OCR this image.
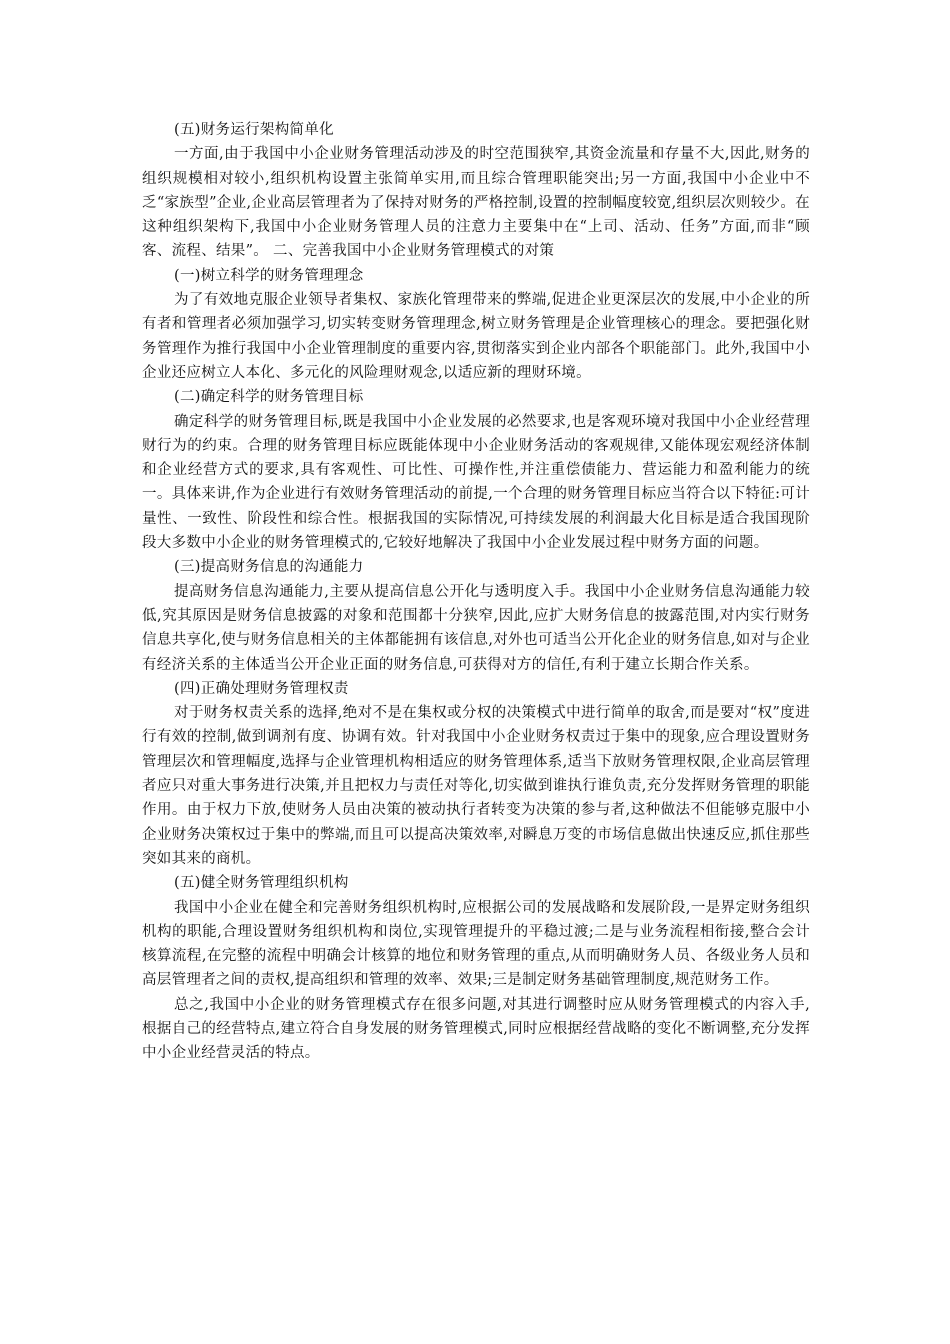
(五)财务运行架构简单化

一方面,由于我国中小企业财务管理活动涉及的时空范围狭窄,其资金流量和存量不大,因此,财务的组织规模相对较小,组织机构设置主张简单实用,而且综合管理职能突出;另一方面,我国中小企业中不乏“家族型”企业,企业高层管理者为了保持对财务的严格控制,设置的控制幅度较宽,组织层次则较少。在这种组织架构下,我国中小企业财务管理人员的注意力主要集中在“上司、活动、任务”方面,而非“顾客、流程、结果”。 二、完善我国中小企业财务管理模式的对策

(一)树立科学的财务管理理念

为了有效地克服企业领导者集权、家族化管理带来的弊端,促进企业更深层次的发展,中小企业的所有者和管理者必须加强学习,切实转变财务管理理念,树立财务管理是企业管理核心的理念。要把强化财务管理作为推行我国中小企业管理制度的重要内容,贯彻落实到企业内部各个职能部门。此外,我国中小企业还应树立人本化、多元化的风险理财观念,以适应新的理财环境。

(二)确定科学的财务管理目标

确定科学的财务管理目标,既是我国中小企业发展的必然要求,也是客观环境对我国中小企业经营理财行为的约束。合理的财务管理目标应既能体现中小企业财务活动的客观规律,又能体现宏观经济体制和企业经营方式的要求,具有客观性、可比性、可操作性,并注重偿债能力、营运能力和盈利能力的统一。具体来讲,作为企业进行有效财务管理活动的前提,一个合理的财务管理目标应当符合以下特征:可计量性、一致性、阶段性和综合性。根据我国的实际情况,可持续发展的利润最大化目标是适合我国现阶段大多数中小企业的财务管理模式的,它较好地解决了我国中小企业发展过程中财务方面的问题。

(三)提高财务信息的沟通能力

提高财务信息沟通能力,主要从提高信息公开化与透明度入手。我国中小企业财务信息沟通能力较低,究其原因是财务信息披露的对象和范围都十分狭窄,因此,应扩大财务信息的披露范围,对内实行财务信息共享化,使与财务信息相关的主体都能拥有该信息,对外也可适当公开化企业的财务信息,如对与企业有经济关系的主体适当公开企业正面的财务信息,可获得对方的信任,有利于建立长期合作关系。

(四)正确处理财务管理权责

对于财务权责关系的选择,绝对不是在集权或分权的决策模式中进行简单的取舍,而是要对“权”度进行有效的控制,做到调剂有度、协调有效。针对我国中小企业财务权责过于集中的现象,应合理设置财务管理层次和管理幅度,选择与企业管理机构相适应的财务管理体系,适当下放财务管理权限,企业高层管理者应只对重大事务进行决策,并且把权力与责任对等化,切实做到谁执行谁负责,充分发挥财务管理的职能作用。由于权力下放,使财务人员由决策的被动执行者转变为决策的参与者,这种做法不但能够克服中小企业财务决策权过于集中的弊端,而且可以提高决策效率,对瞬息万变的市场信息做出快速反应,抓住那些突如其来的商机。

(五)健全财务管理组织机构

我国中小企业在健全和完善财务组织机构时,应根据公司的发展战略和发展阶段,一是界定财务组织机构的职能,合理设置财务组织机构和岗位,实现管理提升的平稳过渡;二是与业务流程相衔接,整合会计核算流程,在完整的流程中明确会计核算的地位和财务管理的重点,从而明确财务人员、各级业务人员和高层管理者之间的责权,提高组织和管理的效率、效果;三是制定财务基础管理制度,规范财务工作。

总之,我国中小企业的财务管理模式存在很多问题,对其进行调整时应从财务管理模式的内容入手,根据自己的经营特点,建立符合自身发展的财务管理模式,同时应根据经营战略的变化不断调整,充分发挥中小企业经营灵活的特点。
